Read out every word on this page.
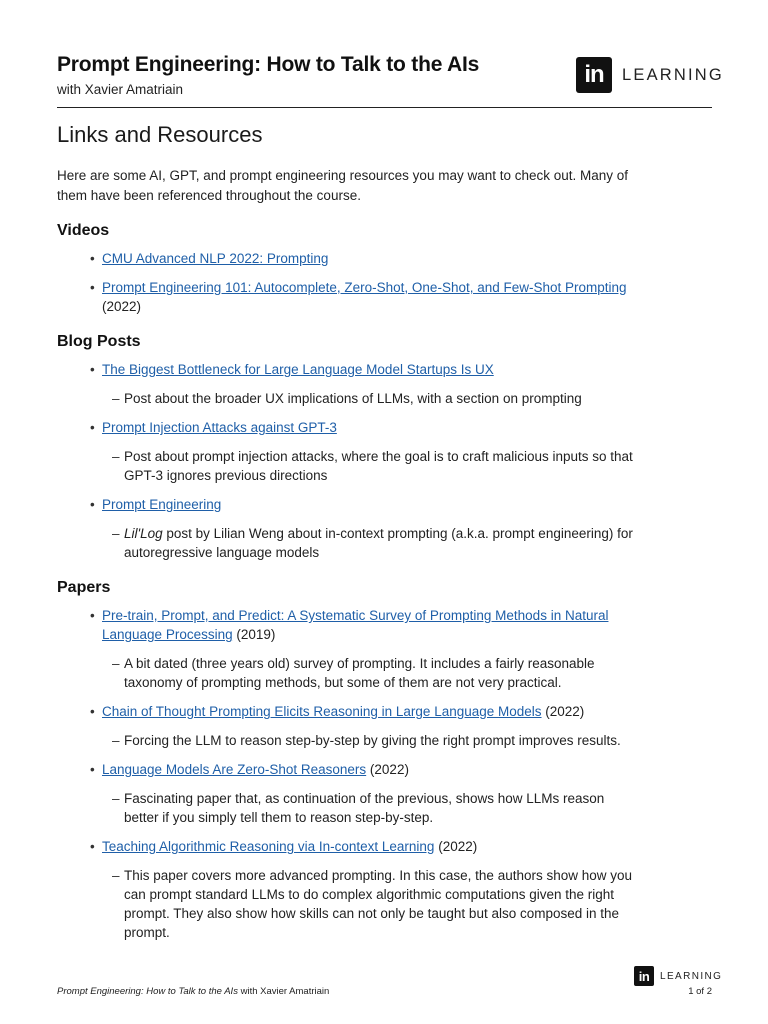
Prompt Engineering: How to Talk to the AIs
with Xavier Amatriain
in	LEARNING
Links and Resources

Here are some AI, GPT, and prompt engineering resources you may want to check out. Many of them have been referenced throughout the course.

Videos
• CMU Advanced NLP 2022: Prompting
• Prompt Engineering 101: Autocomplete, Zero-Shot, One-Shot, and Few-Shot Prompting (2022)
Blog Posts
• The Biggest Bottleneck for Large Language Model Startups Is UX
– Post about the broader UX implications of LLMs, with a section on prompting
• Prompt Injection Attacks against GPT-3
– Post about prompt injection attacks, where the goal is to craft malicious inputs so that GPT-3 ignores previous directions
• Prompt Engineering
– Lil'Log post by Lilian Weng about in-context prompting (a.k.a. prompt engineering) for autoregressive language models
Papers
• Pre-train, Prompt, and Predict: A Systematic Survey of Prompting Methods in Natural Language Processing (2019)
– A bit dated (three years old) survey of prompting. It includes a fairly reasonable taxonomy of prompting methods, but some of them are not very practical.
• Chain of Thought Prompting Elicits Reasoning in Large Language Models (2022)
– Forcing the LLM to reason step-by-step by giving the right prompt improves results.
• Language Models Are Zero-Shot Reasoners (2022)
– Fascinating paper that, as continuation of the previous, shows how LLMs reason better if you simply tell them to reason step-by-step.
• Teaching Algorithmic Reasoning via In-context Learning (2022)
– This paper covers more advanced prompting. In this case, the authors show how you can prompt standard LLMs to do complex algorithmic computations given the right prompt. They also show how skills can not only be taught but also composed in the prompt.
Prompt Engineering: How to Talk to the AIs with Xavier Amatriain
in	LEARNING
1 of 2
